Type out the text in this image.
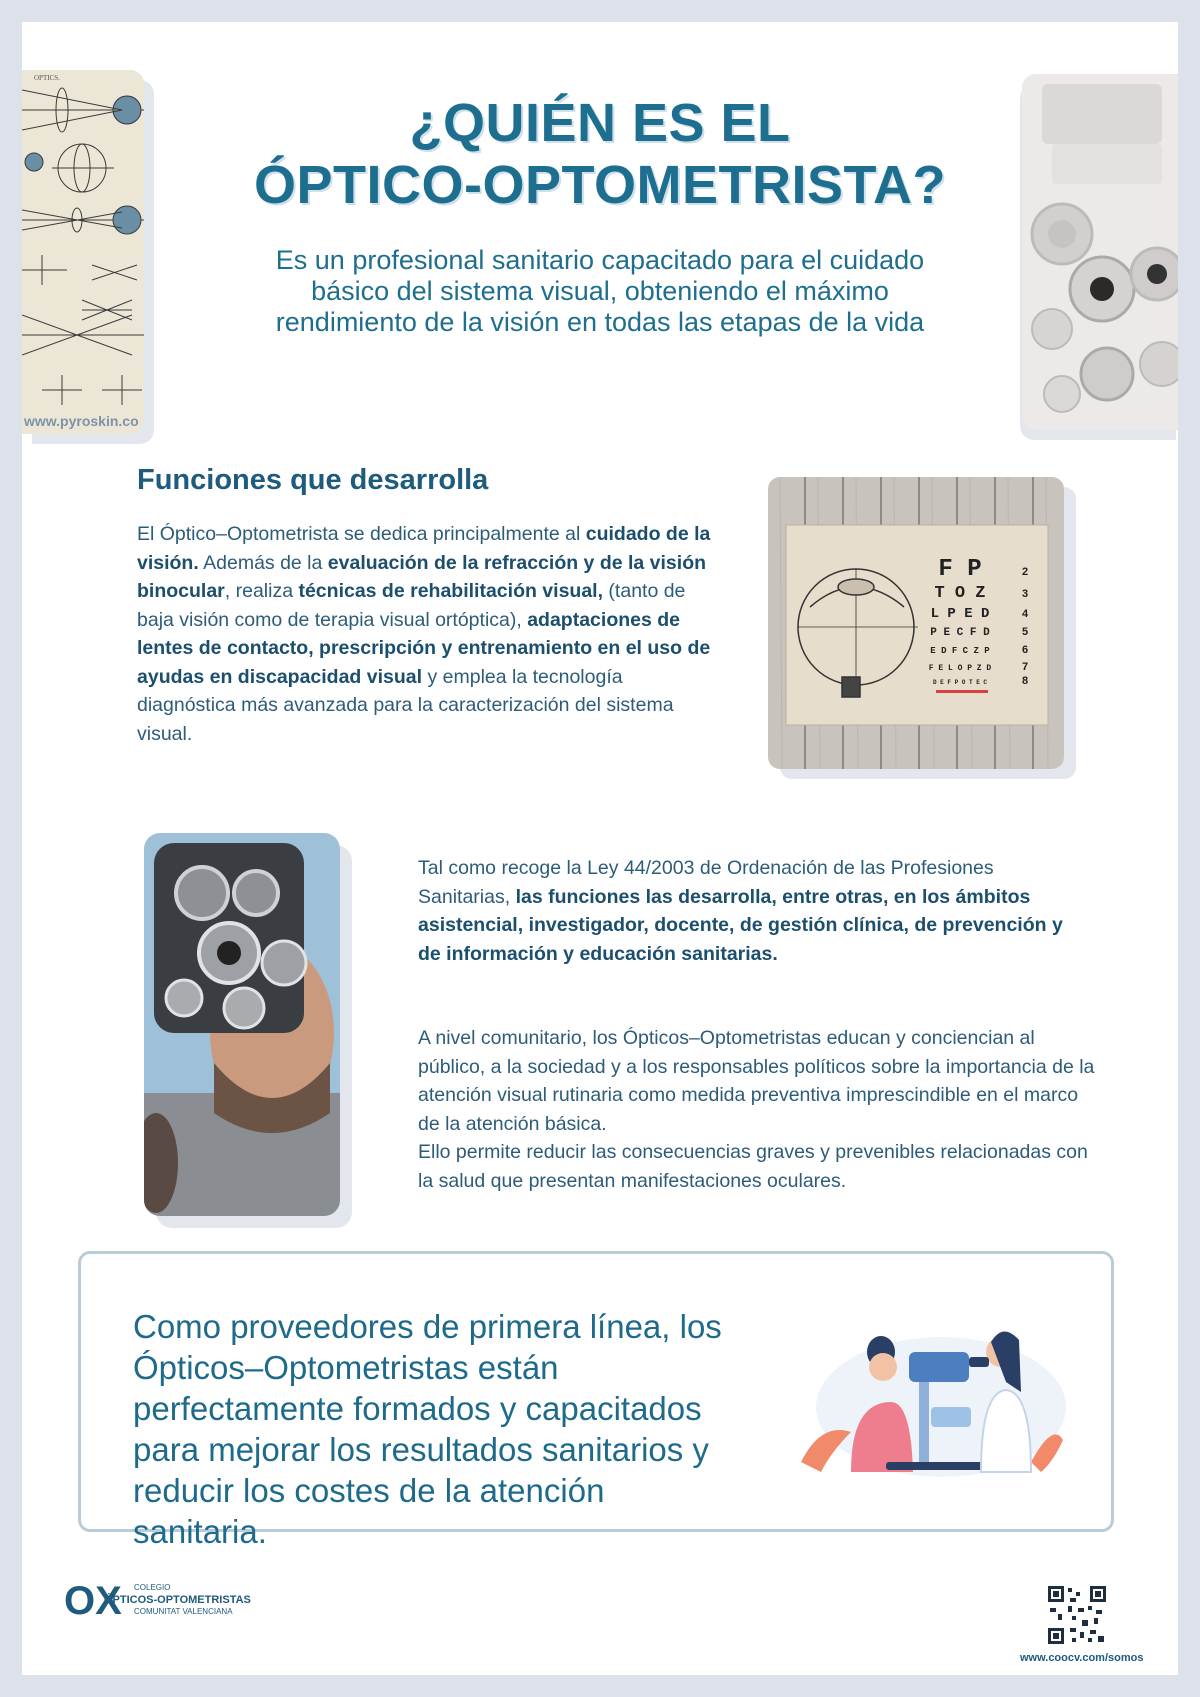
OPTICS.
www.pyroskin.co
¿QUIÉN ES EL
ÓPTICO-OPTOMETRISTA?

Es un profesional sanitario capacitado para el cuidado básico del sistema visual, obteniendo el máximo rendimiento de la visión en todas las etapas de la vida

Funciones que desarrolla

El Óptico–Optometrista se dedica principalmente al cuidado de la visión. Además de la evaluación de la refracción y de la visión binocular, realiza técnicas de rehabilitación visual, (tanto de baja visión como de terapia visual ortóptica), adaptaciones de lentes de contacto, prescripción y entrenamiento en el uso de ayudas en discapacidad visual y emplea la tecnología diagnóstica más avanzada para la caracterización del sistema visual.

F P
T O Z
L P E D
P E C F D
E D F C Z P
F E L O P Z D
D E F P O T E C
2
3
4
5
6
7
8

Tal como recoge la Ley 44/2003 de Ordenación de las Profesiones Sanitarias, las funciones las desarrolla, entre otras, en los ámbitos asistencial, investigador, docente, de gestión clínica, de prevención y de información y educación sanitarias.

A nivel comunitario, los Ópticos–Optometristas educan y conciencian al público, a la sociedad y a los responsables políticos sobre la importancia de la atención visual rutinaria como medida preventiva imprescindible en el marco de la atención básica.
Ello permite reducir las consecuencias graves y prevenibles relacionadas con la salud que presentan manifestaciones oculares.

Como proveedores de primera línea, los Ópticos–Optometristas están perfectamente formados y capacitados para mejorar los resultados sanitarios y reducir los costes de la atención sanitaria.

OX COLEGIO
ÓPTICOS-OPTOMETRISTAS
COMUNITAT VALENCIANA
www.coocv.com/somos
